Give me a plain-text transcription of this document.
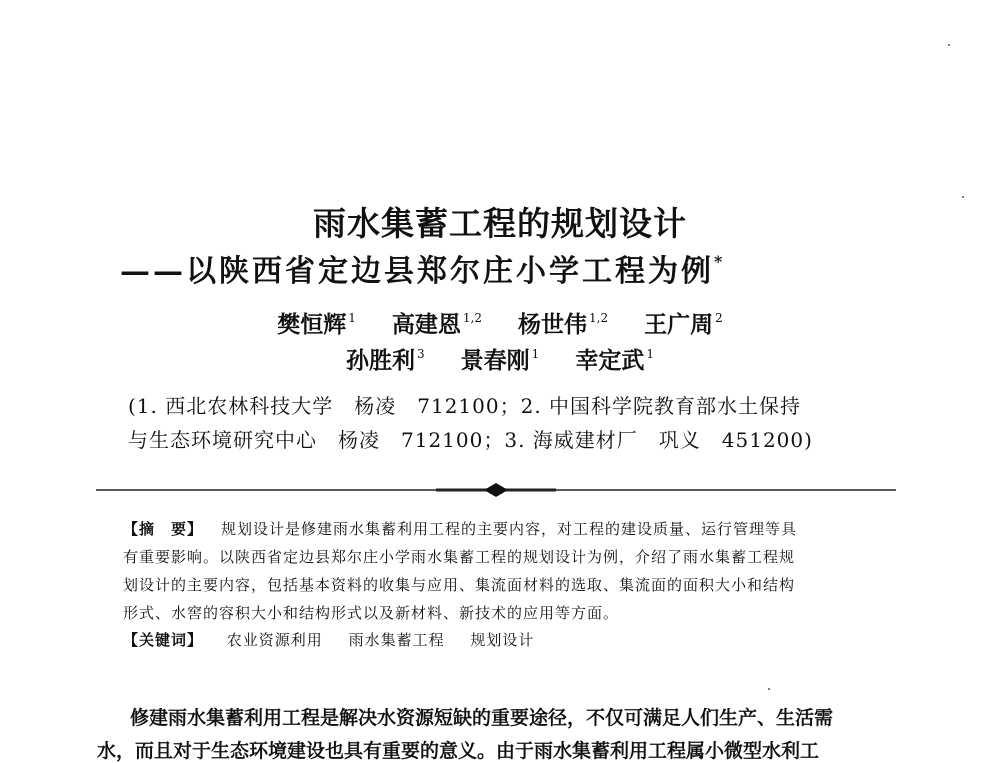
雨水集蓄工程的规划设计
——以陕西省定边县郑尔庄小学工程为例*
樊恒辉 $^1$ 高建恩 $^{1,2}$ 杨世伟 $^{1,2}$ 王广周 $^2$
孙胜利 $^3$ 景春刚 $^1$ 幸定武 $^1$
(1. 西北农林科技大学　杨凌　712100；2. 中国科学院教育部水土保持
与生态环境研究中心　杨凌　712100；3. 海威建材厂　巩义　451200)
【摘　要】 规划设计是修建雨水集蓄利用工程的主要内容，对工程的建设质量、运行管理等具
有重要影响。以陕西省定边县郑尔庄小学雨水集蓄工程的规划设计为例，介绍了雨水集蓄工程规
划设计的主要内容，包括基本资料的收集与应用、集流面材料的选取、集流面的面积大小和结构
形式、水窖的容积大小和结构形式以及新材料、新技术的应用等方面。
【关键词】 农业资源利用 雨水集蓄工程 规划设计
修建雨水集蓄利用工程是解决水资源短缺的重要途径，不仅可满足人们生产、生活需
水，而且对于生态环境建设也具有重要的意义。由于雨水集蓄利用工程属小微型水利工
